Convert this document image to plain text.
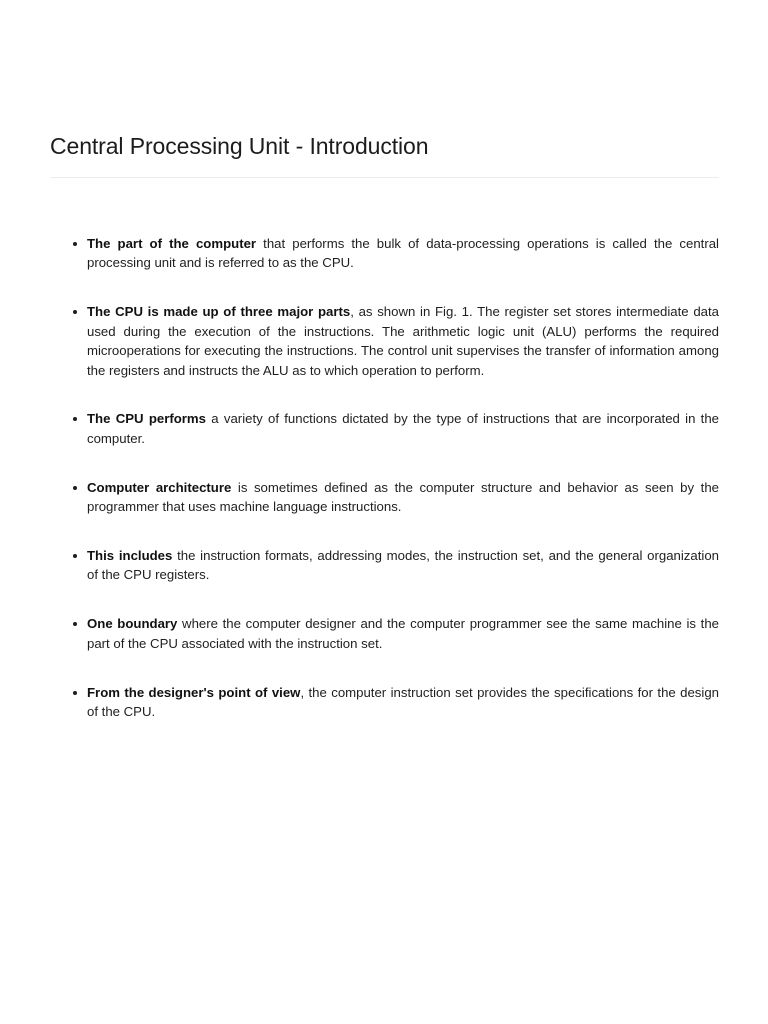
Central Processing Unit - Introduction
The part of the computer that performs the bulk of data-processing operations is called the central processing unit and is referred to as the CPU.
The CPU is made up of three major parts, as shown in Fig. 1. The register set stores intermediate data used during the execution of the instructions. The arithmetic logic unit (ALU) performs the required microoperations for executing the instructions. The control unit supervises the transfer of information among the registers and instructs the ALU as to which operation to perform.
The CPU performs a variety of functions dictated by the type of instructions that are incorporated in the computer.
Computer architecture is sometimes defined as the computer structure and behavior as seen by the programmer that uses machine language instructions.
This includes the instruction formats, addressing modes, the instruction set, and the general organization of the CPU registers.
One boundary where the computer designer and the computer programmer see the same machine is the part of the CPU associated with the instruction set.
From the designer's point of view, the computer instruction set provides the specifications for the design of the CPU.
